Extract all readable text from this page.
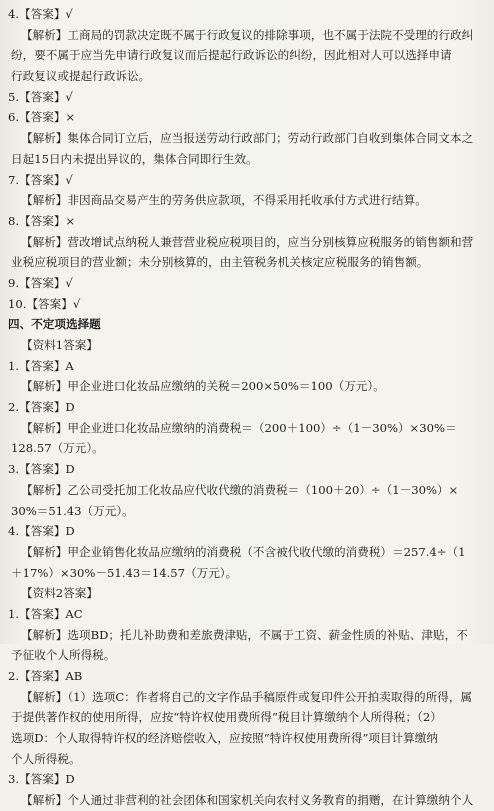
4.【答案】√
【解析】工商局的罚款决定既不属于行政复议的排除事项，也不属于法院不受理的行政纠
纷，要不属于应当先申请行政复议而后提起行政诉讼的纠纷，因此相对人可以选择申请
行政复议或提起行政诉讼。
5.【答案】√
6.【答案】×
【解析】集体合同订立后，应当报送劳动行政部门；劳动行政部门自收到集体合同文本之
日起15日内未提出异议的，集体合同即行生效。
7.【答案】√
【解析】非因商品交易产生的劳务供应款项，不得采用托收承付方式进行结算。
8.【答案】×
【解析】营改增试点纳税人兼营营业税应税项目的，应当分别核算应税服务的销售额和营
业税应税项目的营业额；未分别核算的，由主管税务机关核定应税服务的销售额。
9.【答案】√
10.【答案】√
四、不定项选择题
【资料1答案】
1.【答案】A
【解析】甲企业进口化妆品应缴纳的关税＝200×50%＝100（万元）。
2.【答案】D
【解析】甲企业进口化妆品应缴纳的消费税＝（200＋100）÷（1－30%）×30%＝
128.57（万元）。
3.【答案】D
【解析】乙公司受托加工化妆品应代收代缴的消费税＝（100＋20）÷（1－30%）×
30%＝51.43（万元）。
4.【答案】D
【解析】甲企业销售化妆品应缴纳的消费税（不含被代收代缴的消费税）＝257.4÷（1
＋17%）×30%－51.43＝14.57（万元）。
【资料2答案】
1.【答案】AC
【解析】选项BD；托儿补助费和差旅费津贴，不属于工资、薪金性质的补贴、津贴，不
予征收个人所得税。
2.【答案】AB
【解析】（1）选项C：作者将自己的文字作品手稿原件或复印件公开拍卖取得的所得，属
于提供著作权的使用所得，应按“特许权使用费所得”税目计算缴纳个人所得税；（2）
选项D：个人取得特许权的经济赔偿收入，应按照“特许权使用费所得”项目计算缴纳
个人所得税。
3.【答案】D
【解析】个人通过非营利的社会团体和国家机关向农村义务教育的捐赠，在计算缴纳个人
